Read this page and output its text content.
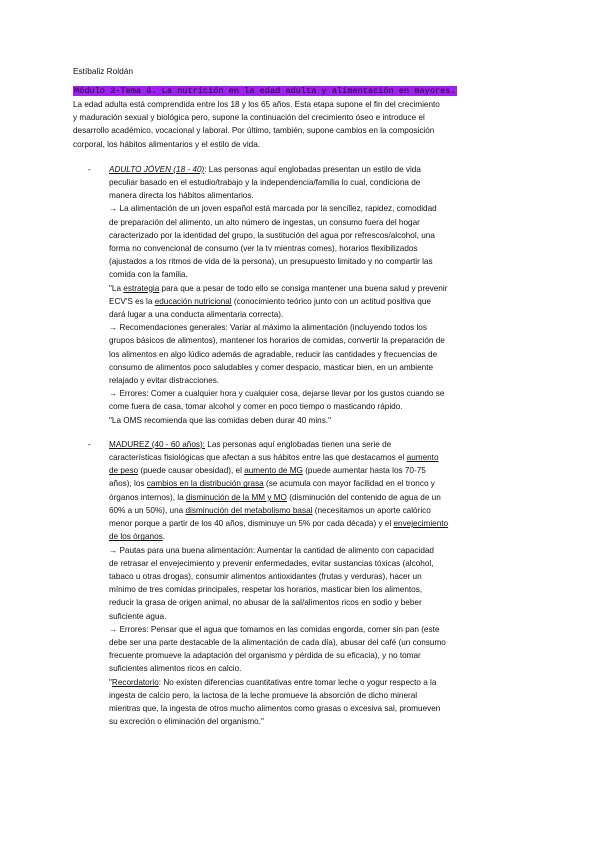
Estíbaliz Roldán
Módulo 3-Tema 6. La nutrición en la edad adulta y alimentación en mayores.

La edad adulta está comprendida entre los 18 y los 65 años. Esta etapa supone el fin del crecimiento
y maduración sexual y biológica pero, supone la continuación del crecimiento óseo e introduce el
desarrollo académico, vocacional y laboral. Por último, también, supone cambios en la composición
corporal, los hábitos alimentarios y el estilo de vida.

- ADULTO JÓVEN (18 - 40): Las personas aquí englobadas presentan un estilo de vida
peculiar basado en el estudio/trabajo y la independencia/familia lo cual, condiciona de
manera directa los hábitos alimentarios.
→ La alimentación de un joven español está marcada por la sencillez, rapidez, comodidad
de preparación del alimento, un alto número de ingestas, un consumo fuera del hogar
caracterizado por la identidad del grupo, la sustitución del agua por refrescos/alcohol, una
forma no convencional de consumo (ver la tv mientras comes), horarios flexibilizados
(ajustados a los ritmos de vida de la persona), un presupuesto limitado y no compartir las
comida con la familia.
"La estrategia para que a pesar de todo ello se consiga mantener una buena salud y prevenir
ECV'S es la educación nutricional (conocimiento teórico junto con un actitud positiva que
dará lugar a una conducta alimentaria correcta).
→ Recomendaciones generales: Variar al máximo la alimentación (incluyendo todos los
grupos básicos de alimentos), mantener los horarios de comidas, convertir la preparación de
los alimentos en algo lúdico además de agradable, reducir las cantidades y frecuencias de
consumo de alimentos poco saludables y comer despacio, masticar bien, en un ambiente
relajado y evitar distracciones.
→ Errores: Comer a cualquier hora y cualquier cosa, dejarse llevar por los gustos cuando se
come fuera de casa, tomar alcohol y comer en poco tiempo o masticando rápido.
"La OMS recomienda que las comidas deben durar 40 mins."
- MADUREZ (40 - 60 años): Las personas aquí englobadas tienen una serie de
características fisiológicas que afectan a sus hábitos entre las que destacamos el aumento
de peso (puede causar obesidad), el aumento de MG (puede aumentar hasta los 70-75
años), los cambios en la distribución grasa (se acumula con mayor facilidad en el tronco y
órganos internos), la disminución de la MM y MO (disminución del contenido de agua de un
60% a un 50%), una disminución del metabolismo basal (necesitamos un aporte calórico
menor porque a partir de los 40 años, disminuye un 5% por cada década) y el envejecimiento
de los órganos.
→ Pautas para una buena alimentación: Aumentar la cantidad de alimento con capacidad
de retrasar el envejecimiento y prevenir enfermedades, evitar sustancias tóxicas (alcohol,
tabaco u otras drogas), consumir alimentos antioxidantes (frutas y verduras), hacer un
mínimo de tres comidas principales, respetar los horarios, masticar bien los alimentos,
reducir la grasa de origen animal, no abusar de la sal/alimentos ricos en sodio y beber
suficiente agua.
→ Errores: Pensar que el agua que tomamos en las comidas engorda, comer sin pan (este
debe ser una parte destacable de la alimentación de cada día), abusar del café (un consumo
frecuente promueve la adaptación del organismo y pérdida de su eficacia), y no tomar
suficientes alimentos ricos en calcio.
"Recordatorio: No existen diferencias cuantitativas entre tomar leche o yogur respecto a la
ingesta de calcio pero, la lactosa de la leche promueve la absorción de dicho mineral
mientras que, la ingesta de otros mucho alimentos como grasas o excesiva sal, promueven
su excreción o eliminación del organismo."
